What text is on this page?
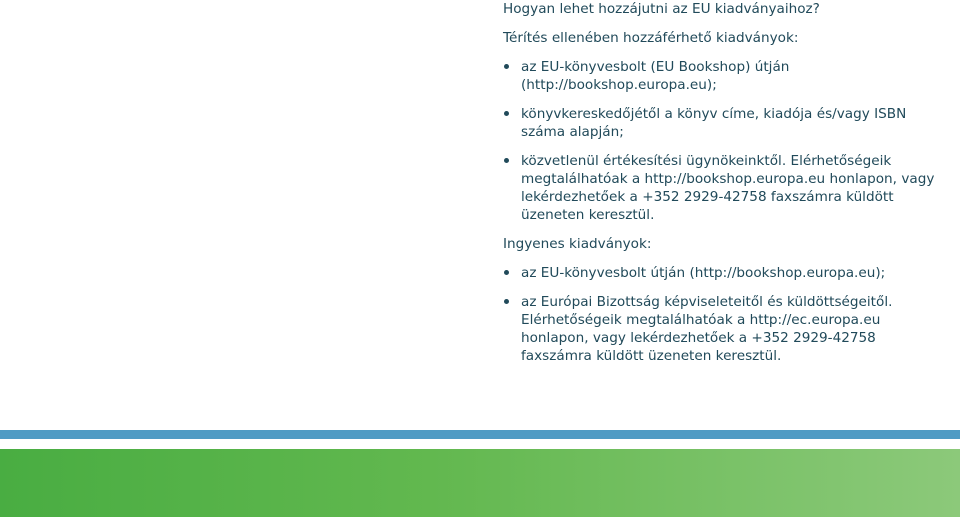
Hogyan lehet hozzájutni az EU kiadványaihoz?

Térítés ellenében hozzáférhető kiadványok:

az EU-könyvesbolt (EU Bookshop) útján (http://bookshop.europa.eu);
könyvkereskedőjétől a könyv címe, kiadója és/vagy ISBN száma alapján;
közvetlenül értékesítési ügynökeinktől. Elérhetőségeik megtalálhatóak a http://bookshop.europa.eu honlapon, vagy lekérdezhetőek a +352 2929-42758 faxszámra küldött üzeneten keresztül.

Ingyenes kiadványok:

az EU-könyvesbolt útján (http://bookshop.europa.eu);
az Európai Bizottság képviseleteitől és küldöttségeitől. Elérhetőségeik megtalálhatóak a http://ec.europa.eu honlapon, vagy lekérdezhetőek a +352 2929-42758 faxszámra küldött üzeneten keresztül.
